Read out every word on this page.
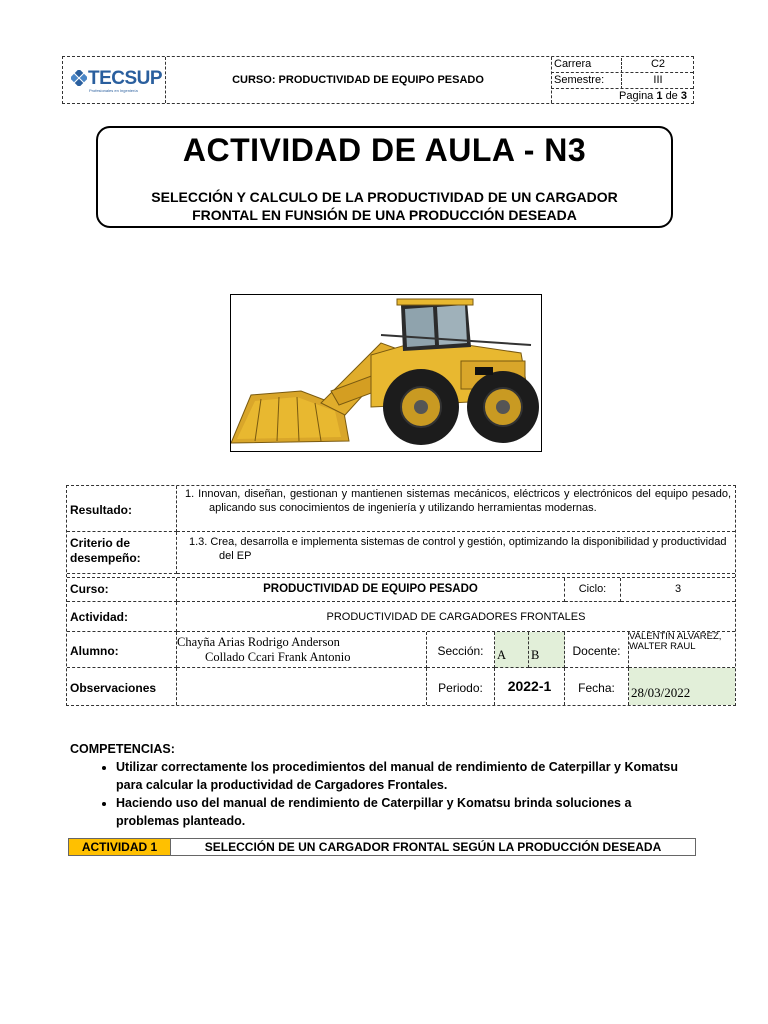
TECSUP
Profesionales en Ingeniería
CURSO: PRODUCTIVIDAD DE EQUIPO PESADO
Carrera	C2
Semestre:	III
Pagina 1 de 3
ACTIVIDAD DE AULA - N3
SELECCIÓN Y CALCULO DE LA PRODUCTIVIDAD DE UN CARGADOR FRONTAL EN FUNSIÓN DE UNA PRODUCCIÓN DESEADA
Resultado:
1. Innovan, diseñan, gestionan y mantienen sistemas mecánicos, eléctricos y electrónicos del equipo pesado, aplicando sus conocimientos de ingeniería y utilizando herramientas modernas.
Criterio de desempeño:
1.3. Crea, desarrolla e implementa sistemas de control y gestión, optimizando la disponibilidad y productividad del EP
Curso:	PRODUCTIVIDAD DE EQUIPO PESADO	Ciclo:	3
Actividad:	PRODUCTIVIDAD DE CARGADORES FRONTALES
Alumno:
Chayña Arias Rodrigo Anderson
Collado Ccari Frank Antonio	Sección:	A	B	Docente:
VALENTIN ALVAREZ, WALTER RAUL
Observaciones	Periodo:	2022-1	Fecha:	28/03/2022
COMPETENCIAS:
• Utilizar correctamente los procedimientos del manual de rendimiento de Caterpillar y Komatsu para calcular la productividad de Cargadores Frontales.
• Haciendo uso del manual de rendimiento de Caterpillar y Komatsu brinda soluciones a problemas planteado.
ACTIVIDAD 1	SELECCIÓN DE UN CARGADOR FRONTAL SEGÚN LA PRODUCCIÓN DESEADA
